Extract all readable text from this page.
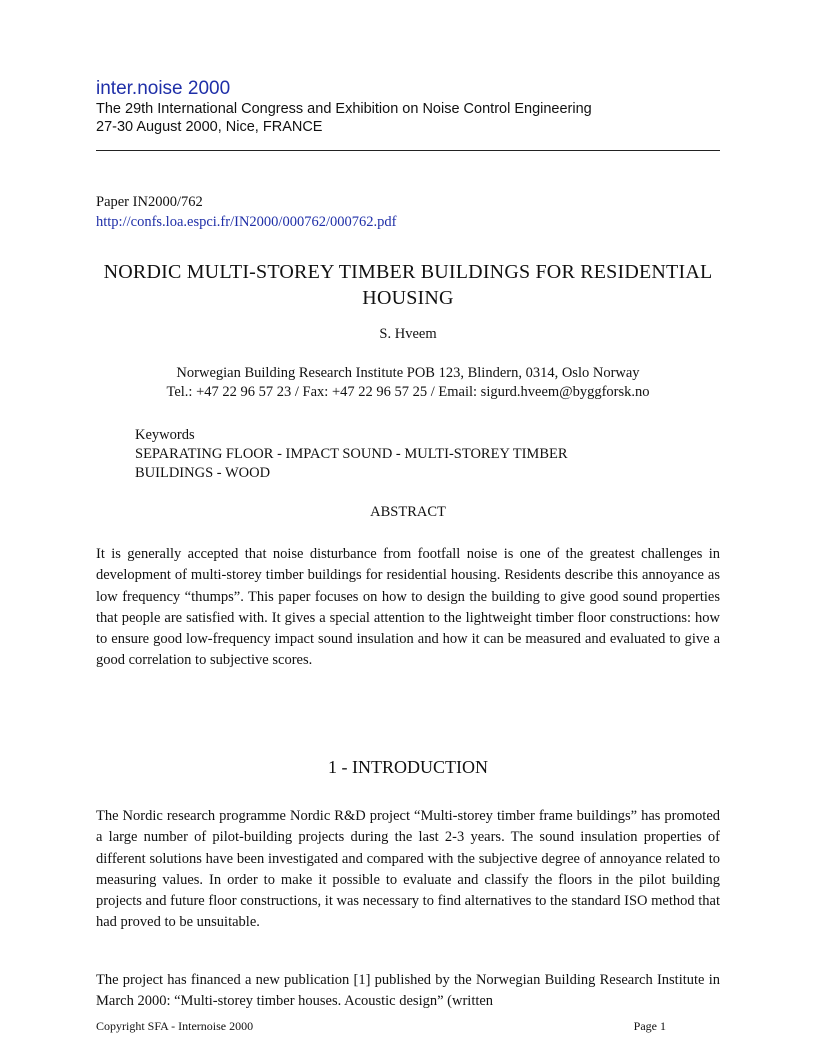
inter.noise 2000

The 29th International Congress and Exhibition on Noise Control Engineering

27-30 August 2000, Nice, FRANCE

Paper IN2000/762
http://confs.loa.espci.fr/IN2000/000762/000762.pdf
NORDIC MULTI-STOREY TIMBER BUILDINGS FOR RESIDENTIAL HOUSING
S. Hveem
Norwegian Building Research Institute POB 123, Blindern, 0314, Oslo Norway
Tel.: +47 22 96 57 23 / Fax: +47 22 96 57 25 / Email: sigurd.hveem@byggforsk.no
Keywords
SEPARATING FLOOR - IMPACT SOUND - MULTI-STOREY TIMBER
BUILDINGS - WOOD
ABSTRACT

It is generally accepted that noise disturbance from footfall noise is one of the greatest challenges in development of multi-storey timber buildings for residential housing. Residents describe this annoyance as low frequency “thumps”. This paper focuses on how to design the building to give good sound properties that people are satisfied with. It gives a special attention to the lightweight timber floor constructions: how to ensure good low-frequency impact sound insulation and how it can be measured and evaluated to give a good correlation to subjective scores.

1 - INTRODUCTION

The Nordic research programme Nordic R&D project “Multi-storey timber frame buildings” has promoted a large number of pilot-building projects during the last 2-3 years. The sound insulation properties of different solutions have been investigated and compared with the subjective degree of annoyance related to measuring values. In order to make it possible to evaluate and classify the floors in the pilot building projects and future floor constructions, it was necessary to find alternatives to the standard ISO method that had proved to be unsuitable.

The project has financed a new publication [1] published by the Norwegian Building Research Institute in March 2000: “Multi-storey timber houses. Acoustic design” (written

Copyright SFA - Internoise 2000	Page 1
